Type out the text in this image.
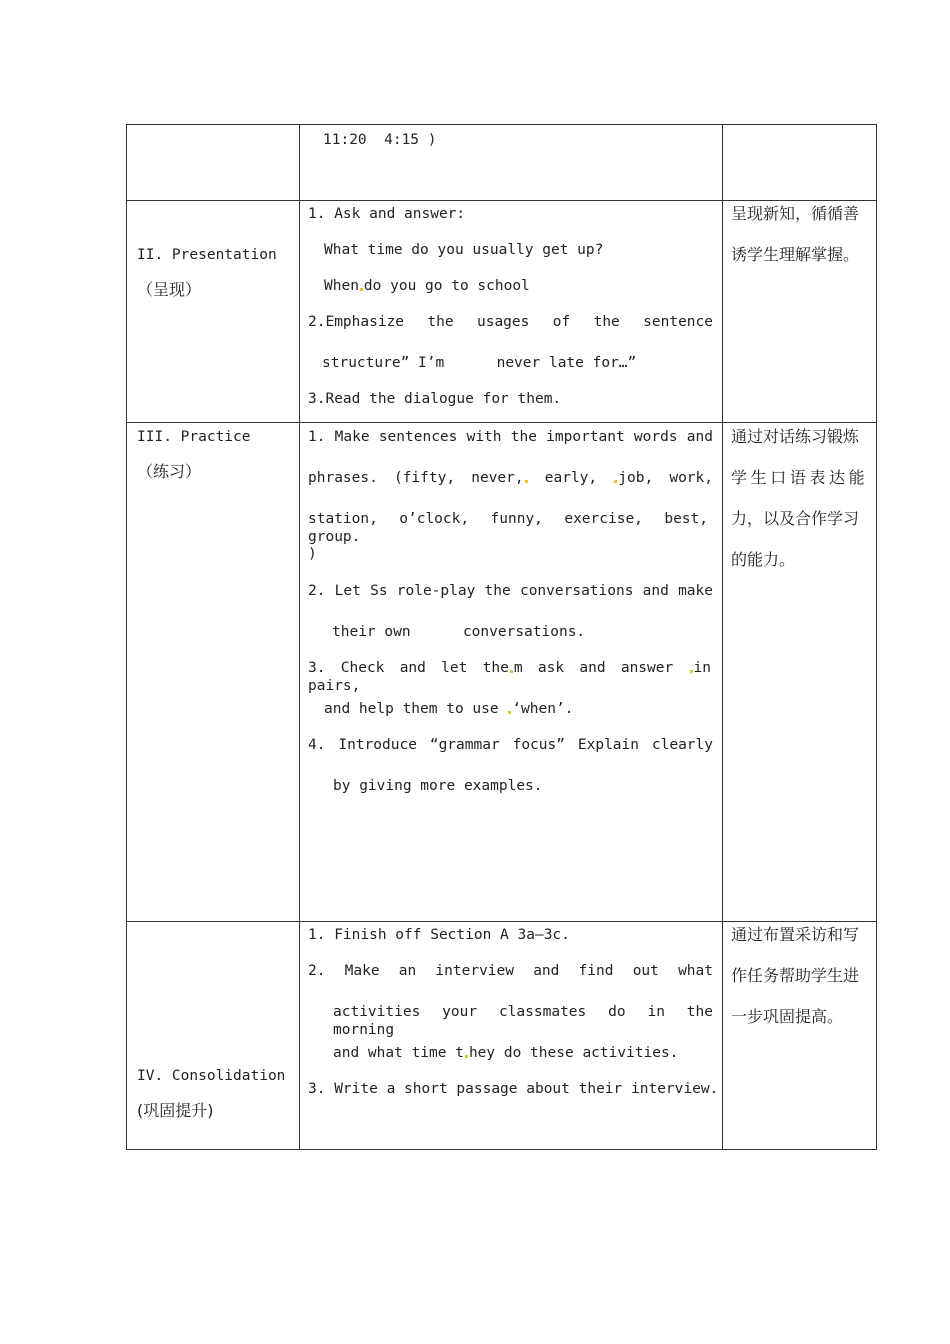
11:20  4:15 )
II. Presentation
（呈现）
1. Ask and answer:
What time do you usually get up?
When do you go to school
2.Emphasize the usages of the sentence
structure” I’m      never late for…”
3.Read the dialogue for them.
呈现新知，循循善
诱学生理解掌握。
III. Practice
（练习）
1. Make sentences with the important words and
phrases. (fifty, never, early, job, work,
station, o’clock, funny, exercise, best, group.
)
2. Let Ss role-play the conversations and make
their own      conversations.
3. Check and let the m ask and answer in pairs,
and help them to use ‘when’.
4. Introduce “grammar focus” Explain clearly
by giving more examples.
通过对话练习锻炼
学生口语表达能
力，以及合作学习
的能力。
IV. Consolidation
(巩固提升)
1. Finish off Section A 3a—3c.
2. Make an interview and find out what
activities your classmates do in the morning
and what time t hey do these activities.
3. Write a short passage about their interview.
通过布置采访和写
作任务帮助学生进
一步巩固提高。
